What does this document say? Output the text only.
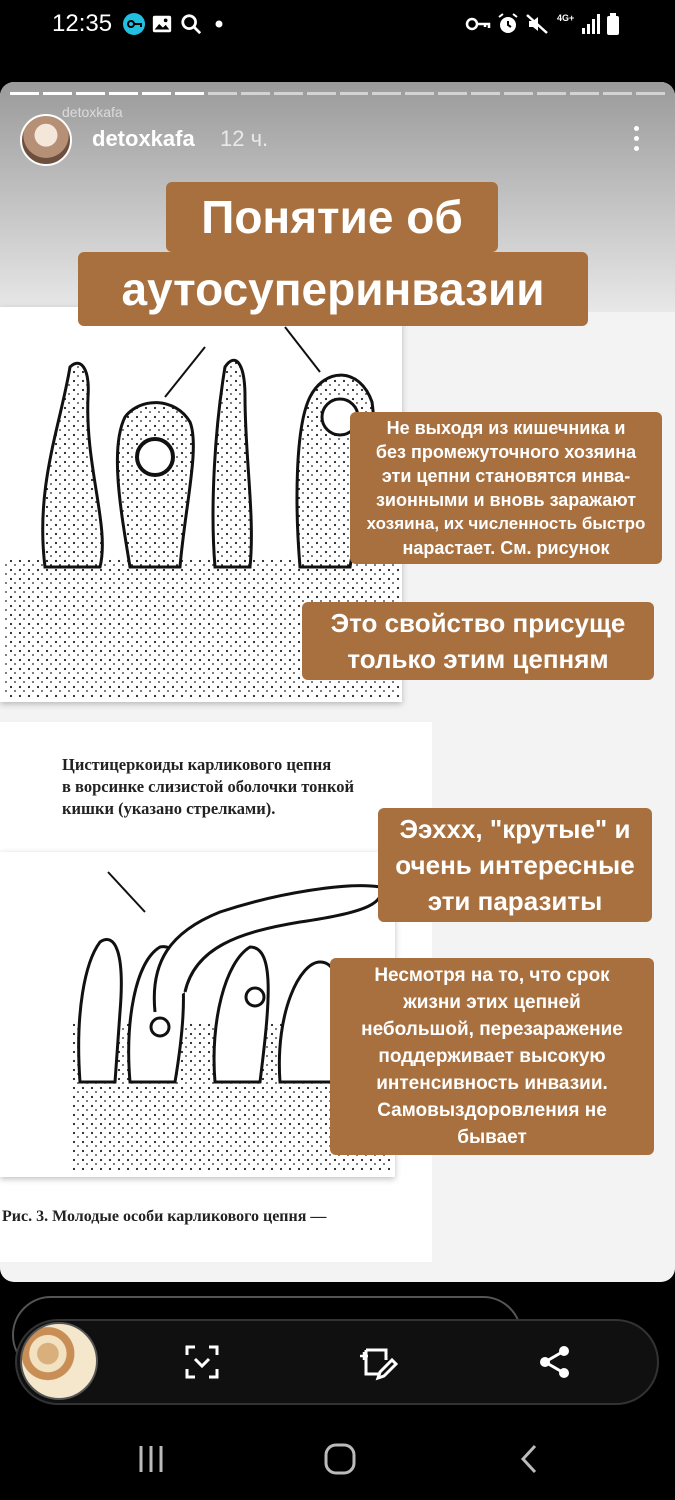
12:35	4G+
Цистицеркоиды карликового цепня
в ворсинке слизистой оболочки тонкой
кишки (указано стрелками).
Рис. 3. Молодые особи карликового цепня —
detoxkafa
detoxkafa 12 ч.
Понятие об
аутосуперинвазии
Не выходя из кишечника и
без промежуточного хозяина
эти цепни становятся инва-
зионными и вновь заражают
хозяина, их численность быстро
нарастает. См. рисунок
Это свойство присуще
только этим цепням
Ээххх, "крутые" и
очень интересные
эти паразиты
Несмотря на то, что срок
жизни этих цепней
небольшой, перезаражение
поддерживает высокую
интенсивность инвазии.
Самовыздоровления не
бывает
